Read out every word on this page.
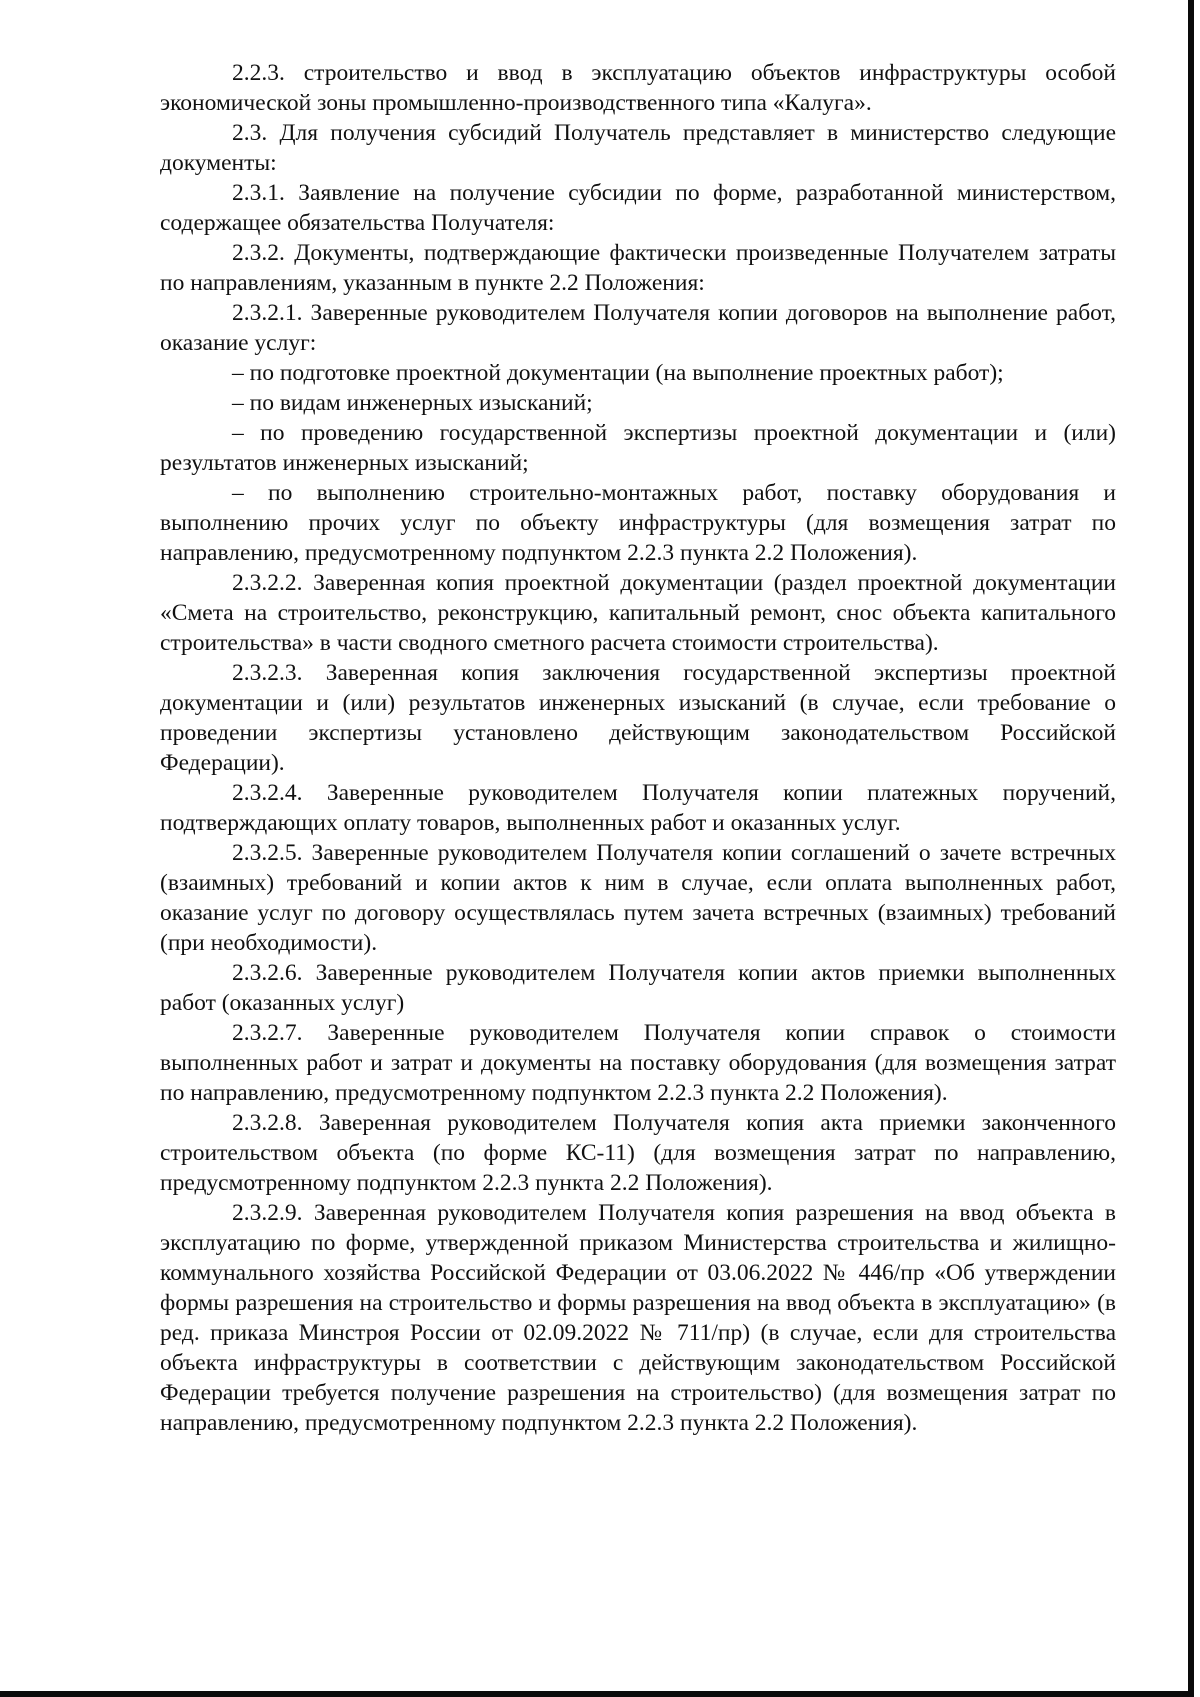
2.2.3. строительство и ввод в эксплуатацию объектов инфраструктуры особой экономической зоны промышленно-производственного типа «Калуга».

2.3. Для получения субсидий Получатель представляет в министерство следующие документы:

2.3.1. Заявление на получение субсидии по форме, разработанной министерством, содержащее обязательства Получателя:

2.3.2. Документы, подтверждающие фактически произведенные Получателем затраты по направлениям, указанным в пункте 2.2 Положения:

2.3.2.1. Заверенные руководителем Получателя копии договоров на выполнение работ, оказание услуг:

– по подготовке проектной документации (на выполнение проектных работ);

– по видам инженерных изысканий;

– по проведению государственной экспертизы проектной документации и (или) результатов инженерных изысканий;

– по выполнению строительно-монтажных работ, поставку оборудования и выполнению прочих услуг по объекту инфраструктуры (для возмещения затрат по направлению, предусмотренному подпунктом 2.2.3 пункта 2.2 Положения).

2.3.2.2. Заверенная копия проектной документации (раздел проектной документации «Смета на строительство, реконструкцию, капитальный ремонт, снос объекта капитального строительства» в части сводного сметного расчета стоимости строительства).

2.3.2.3. Заверенная копия заключения государственной экспертизы проектной документации и (или) результатов инженерных изысканий (в случае, если требование о проведении экспертизы установлено действующим законодательством Российской Федерации).

2.3.2.4. Заверенные руководителем Получателя копии платежных поручений, подтверждающих оплату товаров, выполненных работ и оказанных услуг.

2.3.2.5. Заверенные руководителем Получателя копии соглашений о зачете встречных (взаимных) требований и копии актов к ним в случае, если оплата выполненных работ, оказание услуг по договору осуществлялась путем зачета встречных (взаимных) требований (при необходимости).

2.3.2.6. Заверенные руководителем Получателя копии актов приемки выполненных работ (оказанных услуг)

2.3.2.7. Заверенные руководителем Получателя копии справок о стоимости выполненных работ и затрат и документы на поставку оборудования (для возмещения затрат по направлению, предусмотренному подпунктом 2.2.3 пункта 2.2 Положения).

2.3.2.8. Заверенная руководителем Получателя копия акта приемки законченного строительством объекта (по форме КС-11) (для возмещения затрат по направлению, предусмотренному подпунктом 2.2.3 пункта 2.2 Положения).

2.3.2.9. Заверенная руководителем Получателя копия разрешения на ввод объекта в эксплуатацию по форме, утвержденной приказом Министерства строительства и жилищно-коммунального хозяйства Российской Федерации от 03.06.2022 № 446/пр «Об утверждении формы разрешения на строительство и формы разрешения на ввод объекта в эксплуатацию» (в ред. приказа Минстроя России от 02.09.2022 № 711/пр) (в случае, если для строительства объекта инфраструктуры в соответствии с действующим законодательством Российской Федерации требуется получение разрешения на строительство) (для возмещения затрат по направлению, предусмотренному подпунктом 2.2.3 пункта 2.2 Положения).
